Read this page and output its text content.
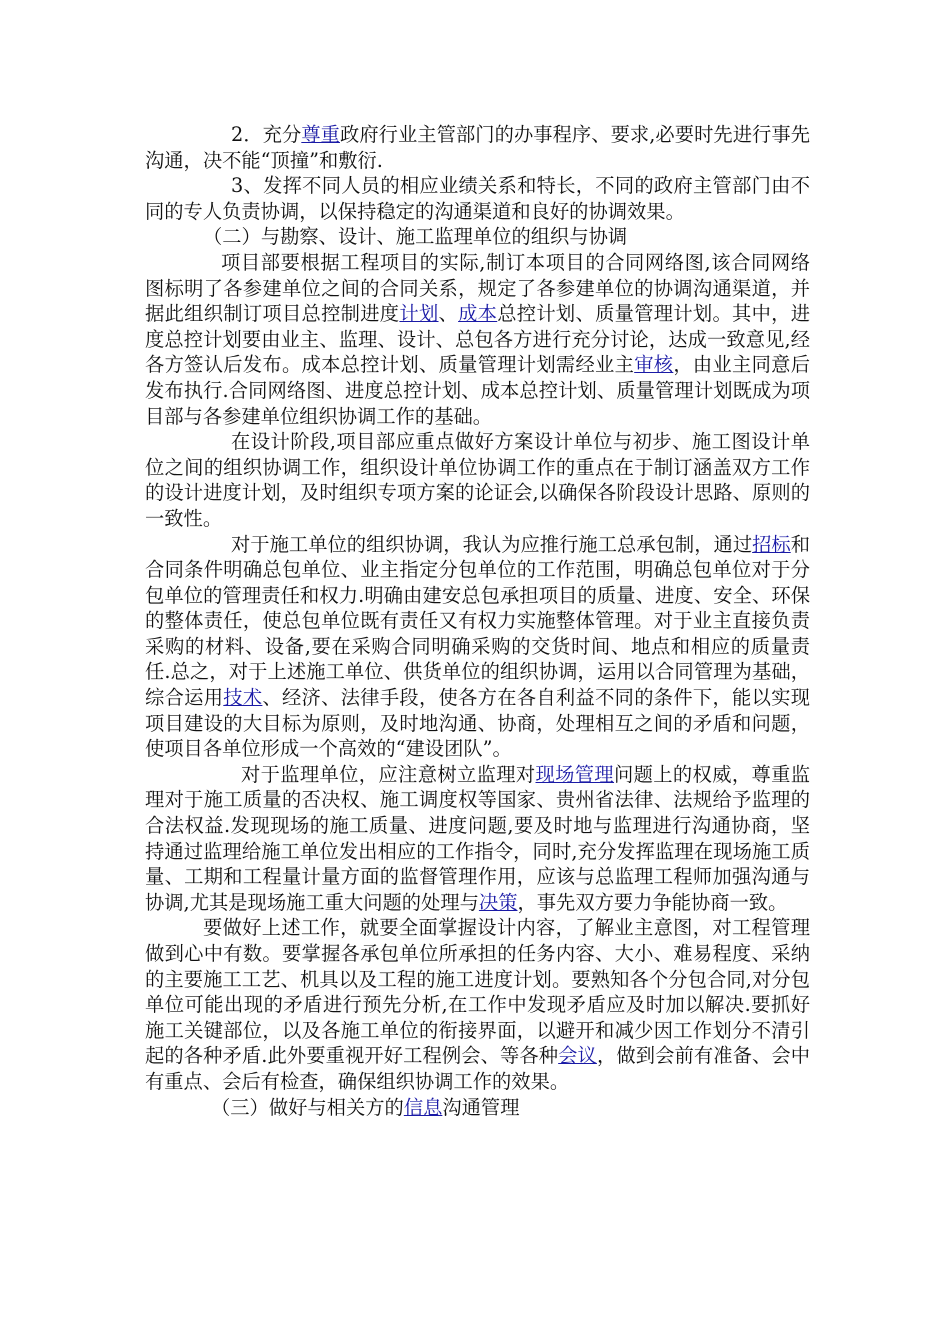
2．充分尊重政府行业主管部门的办事程序、要求,必要时先进行事先沟通，决不能“顶撞”和敷衍.

3、发挥不同人员的相应业绩关系和特长，不同的政府主管部门由不同的专人负责协调，以保持稳定的沟通渠道和良好的协调效果。

（二）与勘察、设计、施工监理单位的组织与协调

项目部要根据工程项目的实际,制订本项目的合同网络图,该合同网络图标明了各参建单位之间的合同关系，规定了各参建单位的协调沟通渠道，并据此组织制订项目总控制进度计划、成本总控计划、质量管理计划。其中，进度总控计划要由业主、监理、设计、总包各方进行充分讨论，达成一致意见,经各方签认后发布。成本总控计划、质量管理计划需经业主审核，由业主同意后发布执行.合同网络图、进度总控计划、成本总控计划、质量管理计划既成为项目部与各参建单位组织协调工作的基础。

在设计阶段,项目部应重点做好方案设计单位与初步、施工图设计单位之间的组织协调工作，组织设计单位协调工作的重点在于制订涵盖双方工作的设计进度计划，及时组织专项方案的论证会,以确保各阶段设计思路、原则的一致性。

对于施工单位的组织协调，我认为应推行施工总承包制，通过招标和合同条件明确总包单位、业主指定分包单位的工作范围，明确总包单位对于分包单位的管理责任和权力.明确由建安总包承担项目的质量、进度、安全、环保的整体责任，使总包单位既有责任又有权力实施整体管理。对于业主直接负责采购的材料、设备,要在采购合同明确采购的交货时间、地点和相应的质量责任.总之，对于上述施工单位、供货单位的组织协调，运用以合同管理为基础，综合运用技术、经济、法律手段，使各方在各自利益不同的条件下，能以实现项目建设的大目标为原则，及时地沟通、协商，处理相互之间的矛盾和问题，使项目各单位形成一个高效的“建设团队”。

对于监理单位，应注意树立监理对现场管理问题上的权威，尊重监理对于施工质量的否决权、施工调度权等国家、贵州省法律、法规给予监理的合法权益.发现现场的施工质量、进度问题,要及时地与监理进行沟通协商，坚持通过监理给施工单位发出相应的工作指令，同时,充分发挥监理在现场施工质量、工期和工程量计量方面的监督管理作用，应该与总监理工程师加强沟通与协调,尤其是现场施工重大问题的处理与决策，事先双方要力争能协商一致。

要做好上述工作，就要全面掌握设计内容，了解业主意图，对工程管理做到心中有数。要掌握各承包单位所承担的任务内容、大小、难易程度、采纳的主要施工工艺、机具以及工程的施工进度计划。要熟知各个分包合同,对分包单位可能出现的矛盾进行预先分析,在工作中发现矛盾应及时加以解决.要抓好施工关键部位，以及各施工单位的衔接界面，以避开和减少因工作划分不清引起的各种矛盾.此外要重视开好工程例会、等各种会议，做到会前有准备、会中有重点、会后有检查，确保组织协调工作的效果。

（三）做好与相关方的信息沟通管理
